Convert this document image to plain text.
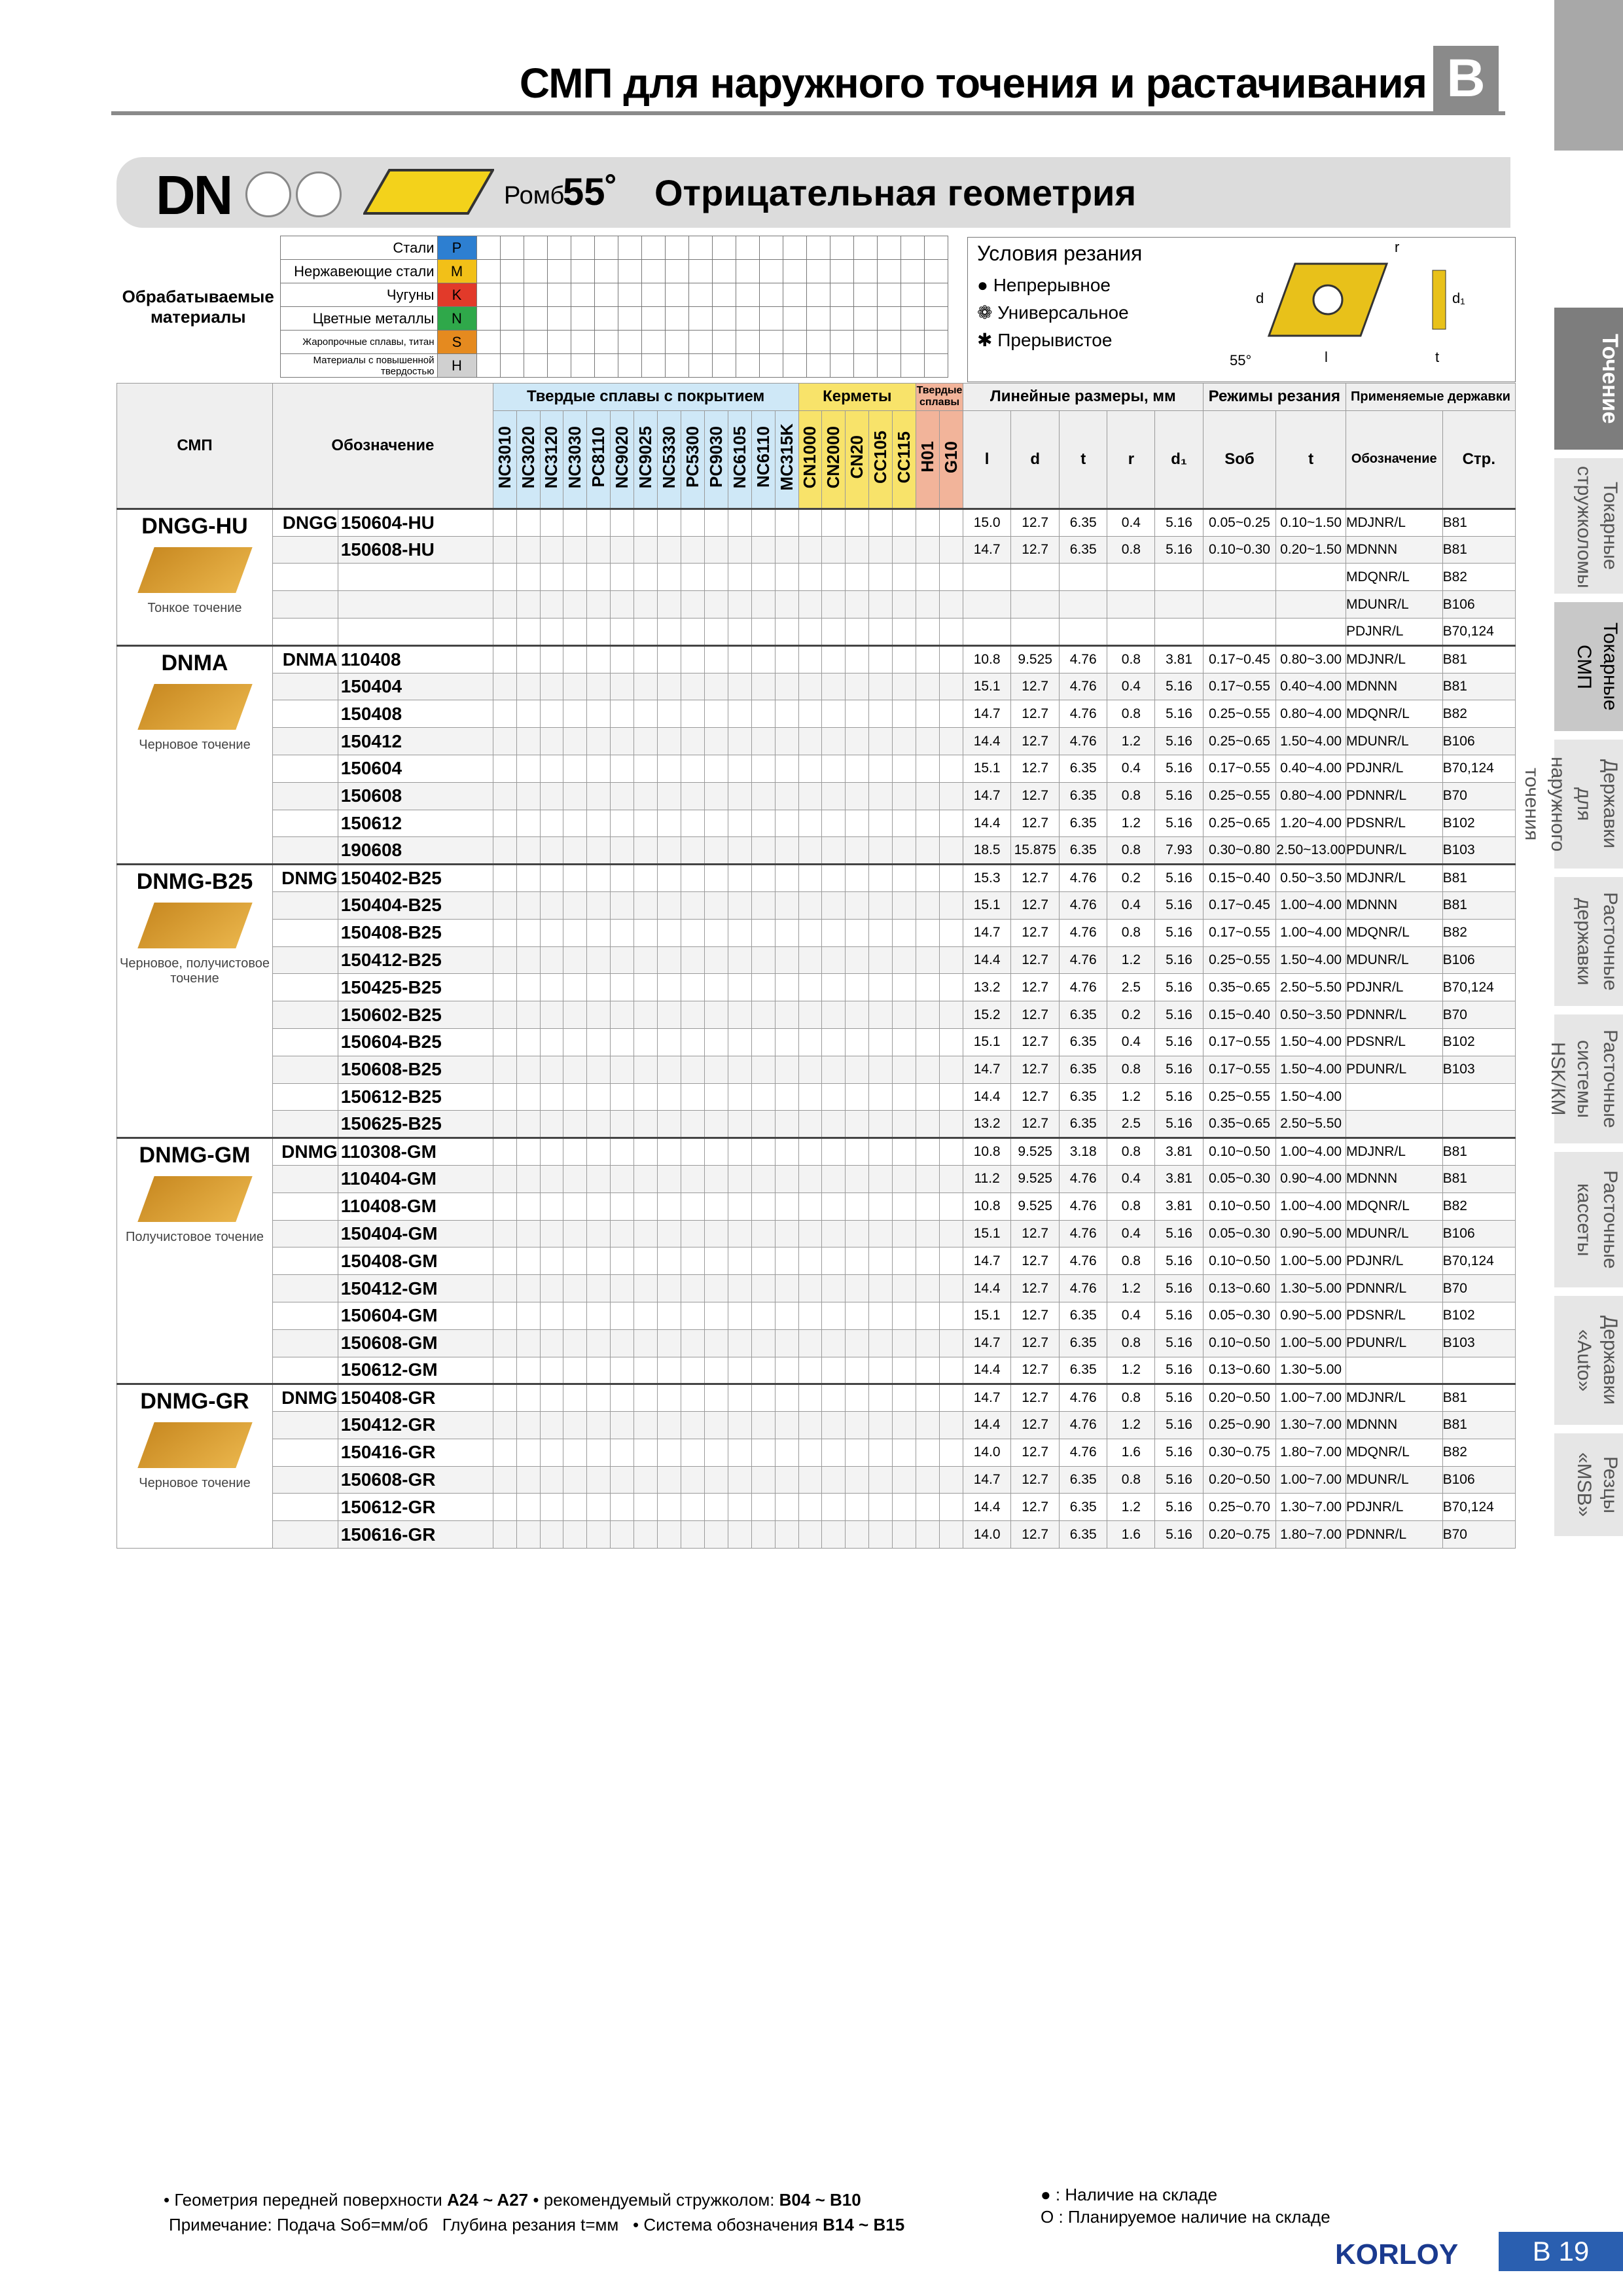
СМП для наружного точения и растачивания B
DN	Ромб
55˚ Отрицательная геометрия
Точение
Токарные стружколомы
Токарные СМП
Державки для наружного точения
Расточные державки
Расточные системы HSK/КМ
Расточные кассеты
Державки «Auto»
Резцы «MSB»
Обрабатываемые материалы	Стали	P																				
	Нержавеющие стали	M																				
	Чугуны	K																				
	Цветные металлы	N																				
	Жаропрочные сплавы, титан	S																				
	Материалы с повышенной твердостью	H																				
Условия резания
● Непрерывное
❁ Универсальное
✱ Прерывистое
r
d	d₁
l	t
55°
СМП	Обозначение		Твердые сплавы с покрытием													Керметы					Твердые сплавы		Линейные размеры, мм					Режимы резания		Применяемые державки	
			NC3010	NC3020	NC3120	NC3030	PC8110	NC9020	NC9025	NC5330	PC5300	PC9030	NC6105	NC6110	MC315K	CN1000	CN2000	CN20	CC105	CC115	H01	G10	l	d	t	r	d₁	Sоб	t	Обозначение	Стр.

DNGG-HU
Тонкое точение	DNGG	150604-HU																					15.0	12.7	6.35	0.4	5.16	0.05~0.25	0.10~1.50	MDJNR/L	B81
		150608-HU																					14.7	12.7	6.35	0.8	5.16	0.10~0.30	0.20~1.50	MDNNN	B81
																														MDQNR/L	B82
																														MDUNR/L	B106
																														PDJNR/L	B70,124

DNMA
Черновое точение	DNMA	110408																					10.8	9.525	4.76	0.8	3.81	0.17~0.45	0.80~3.00	MDJNR/L	B81
		150404																					15.1	12.7	4.76	0.4	5.16	0.17~0.55	0.40~4.00	MDNNN	B81
		150408																					14.7	12.7	4.76	0.8	5.16	0.25~0.55	0.80~4.00	MDQNR/L	B82
		150412																					14.4	12.7	4.76	1.2	5.16	0.25~0.65	1.50~4.00	MDUNR/L	B106
		150604																					15.1	12.7	6.35	0.4	5.16	0.17~0.55	0.40~4.00	PDJNR/L	B70,124
		150608																					14.7	12.7	6.35	0.8	5.16	0.25~0.55	0.80~4.00	PDNNR/L	B70
		150612																					14.4	12.7	6.35	1.2	5.16	0.25~0.65	1.20~4.00	PDSNR/L	B102
		190608																					18.5	15.875	6.35	0.8	7.93	0.30~0.80	2.50~13.00	PDUNR/L	B103

DNMG-B25
Черновое, получистовое точение	DNMG	150402-B25																					15.3	12.7	4.76	0.2	5.16	0.15~0.40	0.50~3.50	MDJNR/L	B81
		150404-B25																					15.1	12.7	4.76	0.4	5.16	0.17~0.45	1.00~4.00	MDNNN	B81
		150408-B25																					14.7	12.7	4.76	0.8	5.16	0.17~0.55	1.00~4.00	MDQNR/L	B82
		150412-B25																					14.4	12.7	4.76	1.2	5.16	0.25~0.55	1.50~4.00	MDUNR/L	B106
		150425-B25																					13.2	12.7	4.76	2.5	5.16	0.35~0.65	2.50~5.50	PDJNR/L	B70,124
		150602-B25																					15.2	12.7	6.35	0.2	5.16	0.15~0.40	0.50~3.50	PDNNR/L	B70
		150604-B25																					15.1	12.7	6.35	0.4	5.16	0.17~0.55	1.50~4.00	PDSNR/L	B102
		150608-B25																					14.7	12.7	6.35	0.8	5.16	0.17~0.55	1.50~4.00	PDUNR/L	B103
		150612-B25																					14.4	12.7	6.35	1.2	5.16	0.25~0.55	1.50~4.00		
		150625-B25																					13.2	12.7	6.35	2.5	5.16	0.35~0.65	2.50~5.50		

DNMG-GM
Получистовое точение	DNMG	110308-GM																					10.8	9.525	3.18	0.8	3.81	0.10~0.50	1.00~4.00	MDJNR/L	B81
		110404-GM																					11.2	9.525	4.76	0.4	3.81	0.05~0.30	0.90~4.00	MDNNN	B81
		110408-GM																					10.8	9.525	4.76	0.8	3.81	0.10~0.50	1.00~4.00	MDQNR/L	B82
		150404-GM																					15.1	12.7	4.76	0.4	5.16	0.05~0.30	0.90~5.00	MDUNR/L	B106
		150408-GM																					14.7	12.7	4.76	0.8	5.16	0.10~0.50	1.00~5.00	PDJNR/L	B70,124
		150412-GM																					14.4	12.7	4.76	1.2	5.16	0.13~0.60	1.30~5.00	PDNNR/L	B70
		150604-GM																					15.1	12.7	6.35	0.4	5.16	0.05~0.30	0.90~5.00	PDSNR/L	B102
		150608-GM																					14.7	12.7	6.35	0.8	5.16	0.10~0.50	1.00~5.00	PDUNR/L	B103
		150612-GM																					14.4	12.7	6.35	1.2	5.16	0.13~0.60	1.30~5.00		

DNMG-GR
Черновое точение	DNMG	150408-GR																					14.7	12.7	4.76	0.8	5.16	0.20~0.50	1.00~7.00	MDJNR/L	B81
		150412-GR																					14.4	12.7	4.76	1.2	5.16	0.25~0.90	1.30~7.00	MDNNN	B81
		150416-GR																					14.0	12.7	4.76	1.6	5.16	0.30~0.75	1.80~7.00	MDQNR/L	B82
		150608-GR																					14.7	12.7	6.35	0.8	5.16	0.20~0.50	1.00~7.00	MDUNR/L	B106
		150612-GR																					14.4	12.7	6.35	1.2	5.16	0.25~0.70	1.30~7.00	PDJNR/L	B70,124
		150616-GR																					14.0	12.7	6.35	1.6	5.16	0.20~0.75	1.80~7.00	PDNNR/L	B70
• Геометрия передней поверхности A24 ~ A27 • рекомендуемый стружколом: B04 ~ B10
Примечание: Подача Sоб=мм/об Глубина резания t=мм   • Система обозначения B14 ~ B15
● : Наличие на складе
O : Планируемое наличие на складе
KORLOY	B 19
